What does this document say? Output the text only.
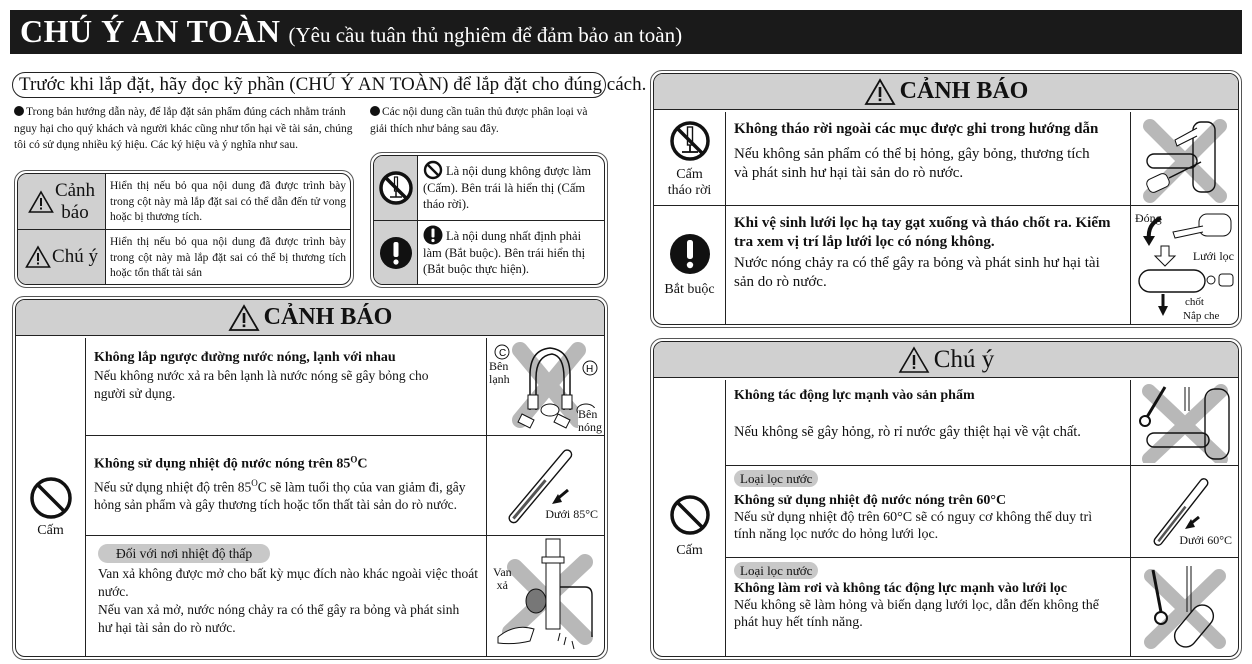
CHÚ Ý AN TOÀN (Yêu cầu tuân thủ nghiêm để đảm bảo an toàn)
Trước khi lắp đặt, hãy đọc kỹ phần (CHÚ Ý AN TOÀN) để lắp đặt cho đúng cách.
Trong bản hướng dẫn này, để lắp đặt sản phẩm đúng cách nhằm tránh nguy hại cho quý khách và người khác cũng như tổn hại về tài sản, chúng tôi có sử dụng nhiều ký hiệu. Các ký hiệu và ý nghĩa như sau.
Các nội dung cần tuân thủ được phân loại và giải thích như bảng sau đây.
Cảnh
báo
Hiển thị nếu bỏ qua nội dung đã được trình bày trong cột này mà lắp đặt sai có thể dẫn đến tử vong hoặc bị thương tích.
Chú ý
Hiển thị nếu bỏ qua nội dung đã được trình bày trong cột này mà lắp đặt sai có thể bị thương tích hoặc tổn thất tài sản
Là nội dung không được làm (Cấm). Bên trái là hiển thị (Cấm tháo rời).
Là nội dung nhất định phải làm (Bắt buộc). Bên trái hiển thị (Bắt buộc thực hiện).
CẢNH BÁO
Cấm
Không lắp ngược đường nước nóng, lạnh với nhau
Nếu không nước xả ra bên lạnh là nước nóng sẽ gây bỏng cho người sử dụng.
C
H
Bên lạnh
Bên
nóng
Không sử dụng nhiệt độ nước nóng trên $85^OC$
Nếu sử dụng nhiệt độ trên $85^OC$ sẽ làm tuổi thọ của van giảm đi, gây hỏng sản phẩm và gây thương tích hoặc tổn thất tài sản do rò nước.
Dưới 85°C
Đối với nơi nhiệt độ thấp
Van xả không được mở cho bất kỳ mục đích nào khác ngoài việc thoát nước.
Nếu van xả mở, nước nóng chảy ra có thể gây ra bỏng và phát sinh hư hại tài sản do rò nước.
Van
xả
CẢNH BÁO
Cấm
tháo rời
Không tháo rời ngoài các mục được ghi trong hướng dẫn
Nếu không sản phẩm có thể bị hỏng, gây bỏng, thương tích và phát sinh hư hại tài sản do rò nước.
Bắt buộc
Khi vệ sinh lưới lọc hạ tay gạt xuống và tháo chốt ra. Kiểm tra xem vị trí lắp lưới lọc có nóng không.
Nước nóng chảy ra có thể gây ra bỏng và phát sinh hư hại tài sản do rò nước.
Đóng
Lưới lọc
chốt
Nắp che
Chú ý
Cấm
Không tác động lực mạnh vào sản phẩm
Nếu không sẽ gây hỏng, rò rỉ nước gây thiệt hại về vật chất.
Loại lọc nước
Không sử dụng nhiệt độ nước nóng trên 60°C
Nếu sử dụng nhiệt độ trên 60°C sẽ có nguy cơ không thể duy trì tính năng lọc nước do hỏng lưới lọc.	Dưới 60°C
Loại lọc nước
Không làm rơi và không tác động lực mạnh vào lưới lọc
Nếu không sẽ làm hỏng và biến dạng lưới lọc, dẫn đến không thể phát huy hết tính năng.
